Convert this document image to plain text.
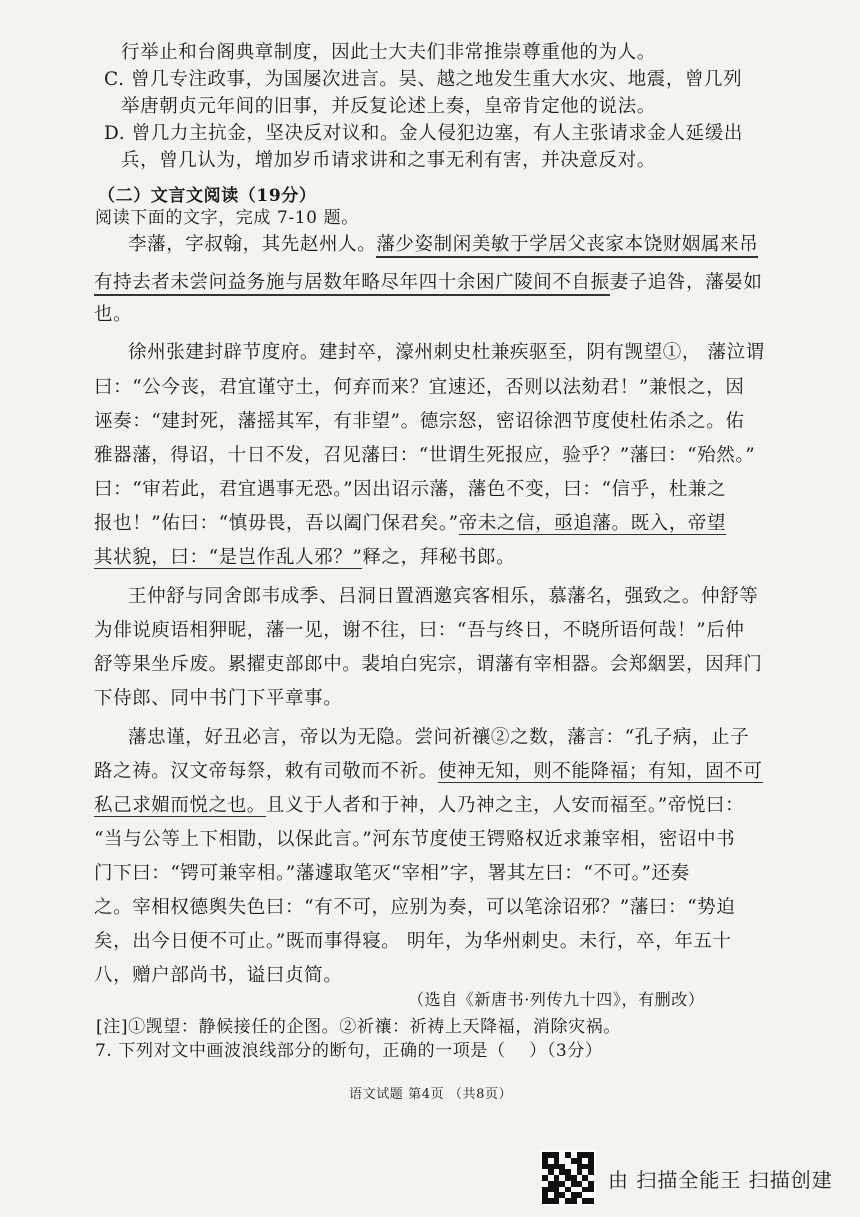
行举止和台阁典章制度，因此士大夫们非常推崇尊重他的为人。
C. 曾几专注政事，为国屡次进言。吴、越之地发生重大水灾、地震，曾几列
举唐朝贞元年间的旧事，并反复论述上奏，皇帝肯定他的说法。
D. 曾几力主抗金，坚决反对议和。金人侵犯边塞，有人主张请求金人延缓出
兵，曾几认为，增加岁币请求讲和之事无利有害，并决意反对。
（二）文言文阅读（19分）
阅读下面的文字，完成 7-10 题。
李藩，字叔翰，其先赵州人。藩少姿制闲美敏于学居父丧家本饶财姻属来吊
有持去者未尝问益务施与居数年略尽年四十余困广陵间不自振妻子追咎，藩晏如
也。
徐州张建封辟节度府。建封卒，濠州刺史杜兼疾驱至，阴有觊望①， 藩泣谓
曰：“公今丧，君宜谨守土，何弃而来？宜速还，否则以法劾君！”兼恨之，因
诬奏：“建封死，藩摇其军，有非望”。德宗怒，密诏徐泗节度使杜佑杀之。佑
雅器藩，得诏，十日不发，召见藩曰：“世谓生死报应，验乎？”藩曰：“殆然。”
曰：“审若此，君宜遇事无恐。”因出诏示藩，藩色不变，曰：“信乎，杜兼之
报也！”佑曰：“慎毋畏，吾以阖门保君矣。”帝未之信，亟追藩。既入，帝望
其状貌，曰：“是岂作乱人邪？”释之，拜秘书郎。
王仲舒与同舍郎韦成季、吕洞日置酒邀宾客相乐，慕藩名，强致之。仲舒等
为俳说庾语相狎昵，藩一见，谢不往，曰：“吾与终日，不晓所语何哉！”后仲
舒等果坐斥废。累擢吏部郎中。裴垍白宪宗，谓藩有宰相器。会郑絪罢，因拜门
下侍郎、同中书门下平章事。
藩忠谨，好丑必言，帝以为无隐。尝问祈禳②之数，藩言：“孔子病，止子
路之祷。汉文帝每祭，敕有司敬而不祈。使神无知，则不能降福；有知，固不可
私己求媚而悦之也。且义于人者和于神，人乃神之主，人安而福至。”帝悦曰：
“当与公等上下相勖，以保此言。”河东节度使王锷赂权近求兼宰相，密诏中书
门下曰：“锷可兼宰相。”藩遽取笔灭“宰相”字，署其左曰：“不可。”还奏
之。宰相权德舆失色曰：“有不可，应别为奏，可以笔涂诏邪？”藩曰：“势迫
矣，出今日便不可止。”既而事得寝。 明年，为华州刺史。未行，卒，年五十
八，赠户部尚书，谥曰贞简。
（选自《新唐书·列传九十四》，有删改）
[注]①觊望：静候接任的企图。②祈禳：祈祷上天降福，消除灾祸。
7. 下列对文中画波浪线部分的断句，正确的一项是（　 ）（3分）
语文试题 第4页 （共8页）
由 扫描全能王 扫描创建
